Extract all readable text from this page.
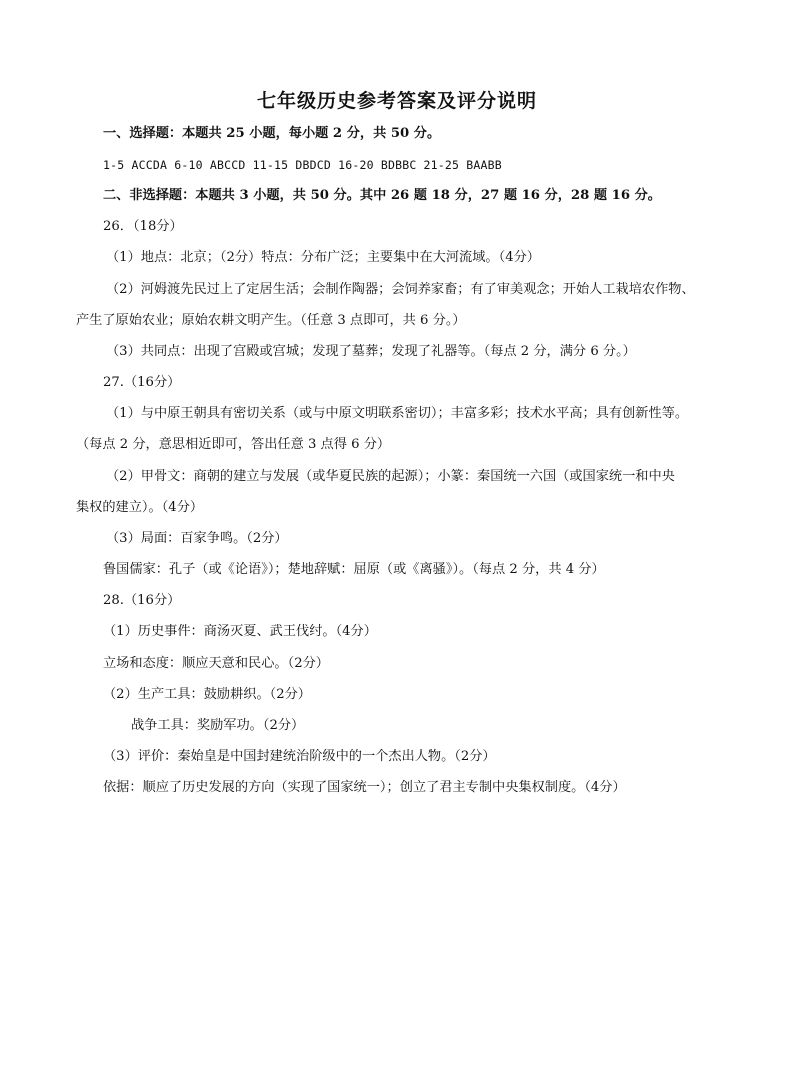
七年级历史参考答案及评分说明
一、选择题：本题共 25 小题，每小题 2 分，共 50 分。
1-5 ACCDA 6-10 ABCCD 11-15 DBDCD 16-20 BDBBC 21-25 BAABB
二、非选择题：本题共 3 小题，共 50 分。其中 26 题 18 分，27 题 16 分，28 题 16 分。
26．（18分）
（1）地点：北京；（2分）特点：分布广泛；主要集中在大河流域。（4分）
（2）河姆渡先民过上了定居生活；会制作陶器；会饲养家畜；有了审美观念；开始人工栽培农作物、
产生了原始农业；原始农耕文明产生。（任意 3 点即可，共 6 分。）
（3）共同点：出现了宫殿或宫城；发现了墓葬；发现了礼器等。（每点 2 分，满分 6 分。）
27.（16分）
（1）与中原王朝具有密切关系（或与中原文明联系密切）；丰富多彩；技术水平高；具有创新性等。
（每点 2 分，意思相近即可，答出任意 3 点得 6 分）
（2）甲骨文：商朝的建立与发展（或华夏民族的起源）；小篆：秦国统一六国（或国家统一和中央
集权的建立）。（4分）
（3）局面：百家争鸣。（2分）
鲁国儒家：孔子（或《论语》）；楚地辞赋：屈原（或《离骚》）。（每点 2 分，共 4 分）
28.（16分）
（1）历史事件：商汤灭夏、武王伐纣。（4分）
立场和态度：顺应天意和民心。（2分）
（2）生产工具：鼓励耕织。（2分）
战争工具：奖励军功。（2分）
（3）评价：秦始皇是中国封建统治阶级中的一个杰出人物。（2分）
依据：顺应了历史发展的方向（实现了国家统一）；创立了君主专制中央集权制度。（4分）
